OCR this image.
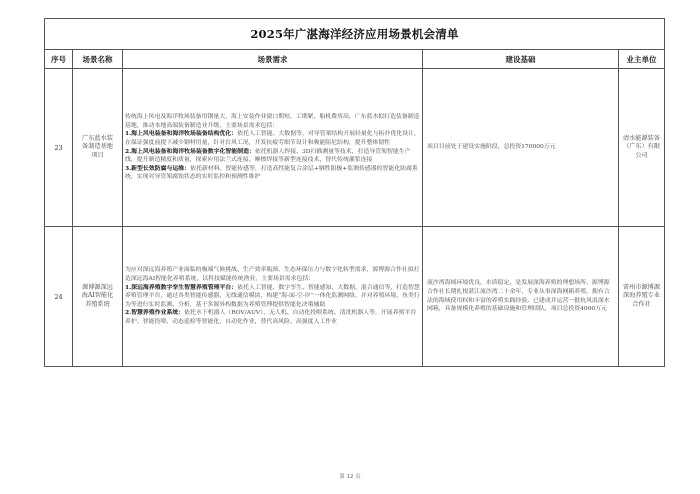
2025年广湛海洋经济应用场景机会清单				
序号	场景名称	场景需求	建设基础	业主单位
23	广东蓝水装备制造基地项目	传统海上风电及海洋牧场装备用钢量大，海上安装作业窗口期短，工期紧，船机费用高，广东蓝水拟打造装备制造基地，推动本地高端装备制造业升级，主要场景需求包括：

1.海上风电装备和海洋牧场装备结构优化：依托人工智能、大数据等，对导管架结构开展轻量化与拓扑优化设计，在保证强度前提下减少钢材用量，针对台风工况，开发抗疲劳细节设计和吸能阻尼结构，提升整体韧性

2.海上风电装备和海洋牧场装备数字化智能制造：依托机器人焊接、3D扫描测量等技术，打造导管架智能生产线，提升制造精度和质量，探索应用法兰式连接、摩擦焊接等新型连接技术，替代传统灌浆连接

3.新型长效防腐与运维：依托新材料、智能传感等，打造高性能复合涂层+牺牲阳极+监测传感器的智能化防腐系统，实现对导管架腐蚀状态的实时监控和预测性维护	项目目前处于建设实施阶段，总投资170000万元	清水能源装备（广东）有限公司
24	源博源深远海AI智能化养殖系统	为应对深远海养殖产业面临的极端气候挑战、生产效率瓶颈、生态环保压力与数字化转型需求，源博源合作社拟打造深远海AI智能化养殖系统，以科技赋能传统渔业，主要场景需求包括：

1.深远海养殖数字孪生智慧养殖管理平台：依托人工智能、数字孪生、智能感知、大数据、混合通信等，打造智慧养殖管理平台，通过各类智能传感器、无线通信模块，构建“海-面-空-岸”一体化监测网络，并对养殖环境、鱼类行为等进行实时监测、分析，基于多源异构数据为养殖管理提供智能化决策辅助

2.智慧养殖作业系统：依托水下机器人（ROV/AUV）、无人机、自动化投喂系统、清洗机器人等，开展养殖平台养护、智能投喂、动态巡检等智能化、自动化作业，替代高风险、高强度人工作业	流沙湾海域环境优良，水质稳定，是发展深海养殖的理想场所。源博源合作社长期扎根湛江流沙湾二十余年，专业从事深海网箱养殖，拥有合法的海域使用权和丰富的养殖实践经验。已建成并运营一批抗风浪深水网箱，具备规模化养殖的基础设施和管理团队，项目总投资4000万元	雷州市源博源深海养殖专业合作社
第 12 页
